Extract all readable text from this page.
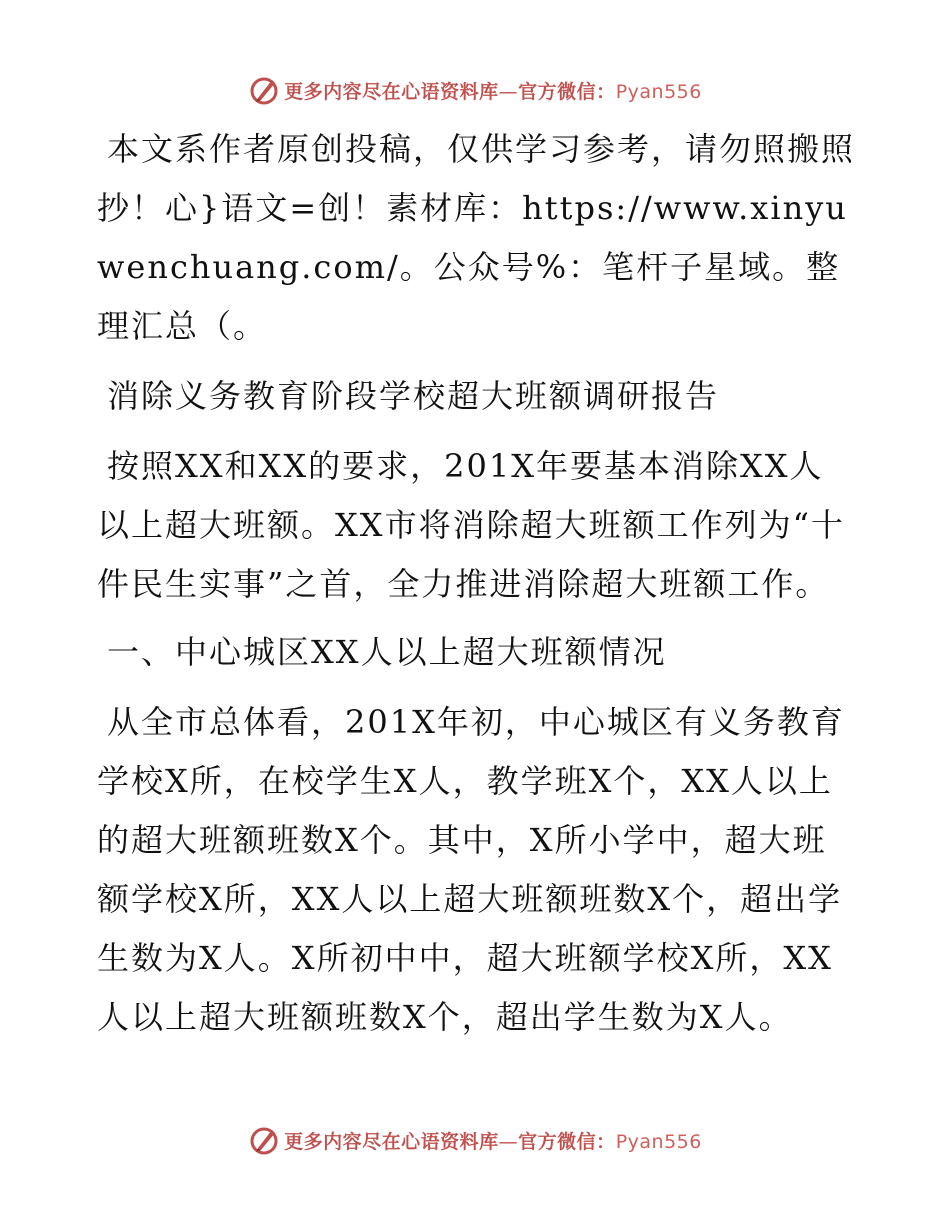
更多内容尽在心语资料库—官方微信：Pyan556

本文系作者原创投稿，仅供学习参考，请勿照搬照抄！心}语文=创！素材库：https://www.xinyuwenchuang.com/。公众号%：笔杆子星域。整理汇总（。

消除义务教育阶段学校超大班额调研报告

按照XX和XX的要求，201X年要基本消除XX人以上超大班额。XX市将消除超大班额工作列为“十件民生实事”之首，全力推进消除超大班额工作。

一、中心城区XX人以上超大班额情况

从全市总体看，201X年初，中心城区有义务教育学校X所，在校学生X人，教学班X个，XX人以上的超大班额班数X个。其中，X所小学中，超大班额学校X所，XX人以上超大班额班数X个，超出学生数为X人。X所初中中，超大班额学校X所，XX人以上超大班额班数X个，超出学生数为X人。

更多内容尽在心语资料库—官方微信：Pyan556
